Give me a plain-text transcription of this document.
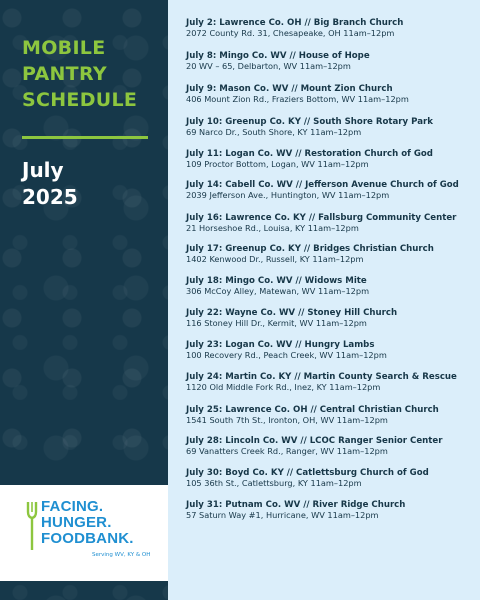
MOBILE
PANTRY
SCHEDULE
July
2025
FACING.
HUNGER.
FOODBANK.
Serving WV, KY & OH
July 2: Lawrence Co. OH // Big Branch Church
2072 County Rd. 31, Chesapeake, OH 11am–12pm
July 8: Mingo Co. WV // House of Hope
20 WV – 65, Delbarton, WV 11am–12pm
July 9: Mason Co. WV // Mount Zion Church
406 Mount Zion Rd., Fraziers Bottom, WV 11am–12pm
July 10: Greenup Co. KY // South Shore Rotary Park
69 Narco Dr., South Shore, KY 11am–12pm
July 11: Logan Co. WV // Restoration Church of God
109 Proctor Bottom, Logan, WV 11am–12pm
July 14: Cabell Co. WV // Jefferson Avenue Church of God
2039 Jefferson Ave., Huntington, WV 11am–12pm
July 16: Lawrence Co. KY // Fallsburg Community Center
21 Horseshoe Rd., Louisa, KY 11am–12pm
July 17: Greenup Co. KY // Bridges Christian Church
1402 Kenwood Dr., Russell, KY 11am–12pm
July 18: Mingo Co. WV // Widows Mite
306 McCoy Alley, Matewan, WV 11am–12pm
July 22: Wayne Co. WV // Stoney Hill Church
116 Stoney Hill Dr., Kermit, WV 11am–12pm
July 23: Logan Co. WV // Hungry Lambs
100 Recovery Rd., Peach Creek, WV 11am–12pm
July 24: Martin Co. KY // Martin County Search & Rescue
1120 Old Middle Fork Rd., Inez, KY 11am–12pm
July 25: Lawrence Co. OH // Central Christian Church
1541 South 7th St., Ironton, OH, WV 11am–12pm
July 28: Lincoln Co. WV // LCOC Ranger Senior Center
69 Vanatters Creek Rd., Ranger, WV 11am–12pm
July 30: Boyd Co. KY // Catlettsburg Church of God
105 36th St., Catlettsburg, KY 11am–12pm
July 31: Putnam Co. WV // River Ridge Church
57 Saturn Way #1, Hurricane, WV 11am–12pm
